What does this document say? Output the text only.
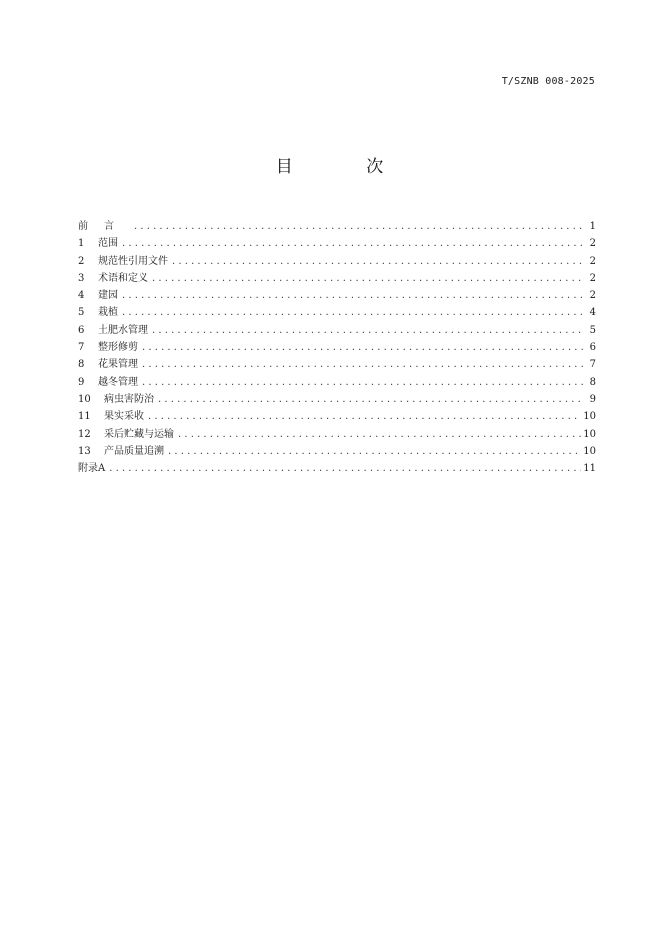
T/SZNB 008-2025
目 次
前言 . . .	1
1	范围 . . .	2
2	规范性引用文件 . . .	2
3	术语和定义 . . .	2
4	建园 . . .	2
5	栽植 . . .	4
6	土肥水管理 . . .	5
7	整形修剪 . . .	6
8	花果管理 . . .	7
9	越冬管理 . . .	8
10	病虫害防治 . . .	9
11	果实采收 . . .	10
12	采后贮藏与运输 . . .	10
13	产品质量追溯 . . .	10
附录A . . .	11
